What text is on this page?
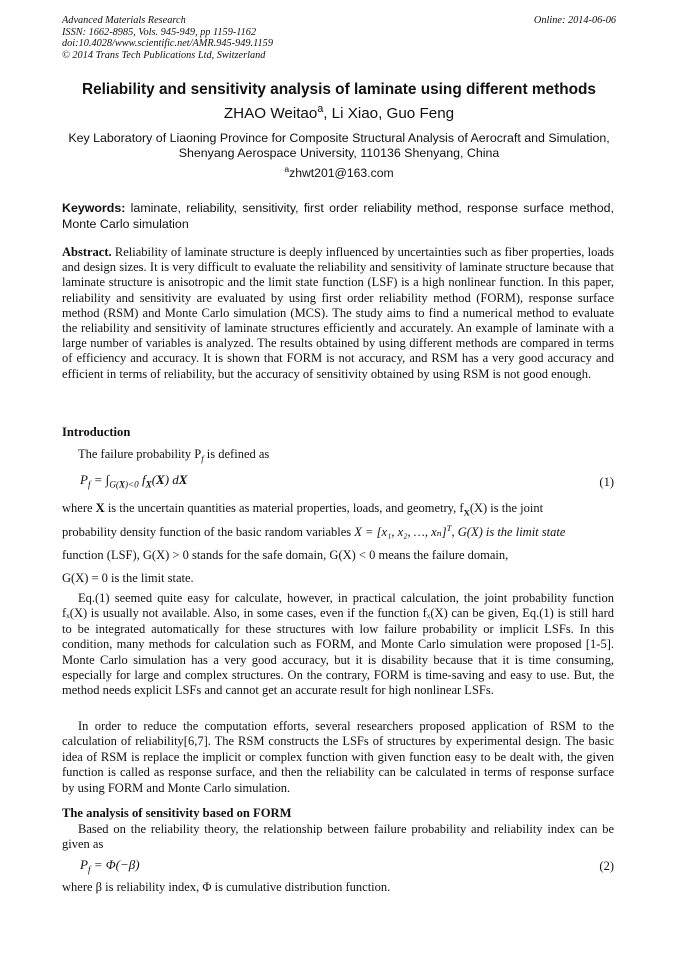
Advanced Materials Research
ISSN: 1662-8985, Vols. 945-949, pp 1159-1162
doi:10.4028/www.scientific.net/AMR.945-949.1159
© 2014 Trans Tech Publications Ltd, Switzerland
Online: 2014-06-06
Reliability and sensitivity analysis of laminate using different methods
ZHAO Weitao$^a$, Li Xiao, Guo Feng
Key Laboratory of Liaoning Province for Composite Structural Analysis of Aerocraft and Simulation,
Shenyang Aerospace University, 110136 Shenyang, China
$^a$zhwt201@163.com
Keywords: laminate, reliability, sensitivity, first order reliability method, response surface method, Monte Carlo simulation
Abstract. Reliability of laminate structure is deeply influenced by uncertainties such as fiber properties, loads and design sizes. It is very difficult to evaluate the reliability and sensitivity of laminate structure because that laminate structure is anisotropic and the limit state function (LSF) is a high nonlinear function. In this paper, reliability and sensitivity are evaluated by using first order reliability method (FORM), response surface method (RSM) and Monte Carlo simulation (MCS). The study aims to find a numerical method to evaluate the reliability and sensitivity of laminate structures efficiently and accurately. An example of laminate with a large number of variables is analyzed. The results obtained by using different methods are compared in terms of efficiency and accuracy. It is shown that FORM is not accuracy, and RSM has a very good accuracy and efficient in terms of reliability, but the accuracy of sensitivity obtained by using RSM is not good enough.
Introduction
The failure probability $P_f$ is defined as
$P_f = \int_{G(X)<0}$ $f_X(X)$ dX	(1)
where X is the uncertain quantities as material properties, loads, and geometry, $f_X(X)$ is the joint
probability density function of the basic random variables X = [x₁, x₂, …, xₙ]$^T$, G(X) is the limit state
function (LSF), G(X) > 0 stands for the safe domain, G(X) < 0 means the failure domain,
G(X) = 0 is the limit state.
Eq.(1) seemed quite easy for calculate, however, in practical calculation, the joint probability function fₓ(X) is usually not available. Also, in some cases, even if the function fₓ(X) can be given, Eq.(1) is still hard to be integrated automatically for these structures with low failure probability or implicit LSFs. In this condition, many methods for calculation such as FORM, and Monte Carlo simulation were proposed [1-5]. Monte Carlo simulation has a very good accuracy, but it is disability because that it is time consuming, especially for large and complex structures. On the contrary, FORM is time-saving and easy to use. But, the method needs explicit LSFs and cannot get an accurate result for high nonlinear LSFs.
In order to reduce the computation efforts, several researchers proposed application of RSM to the calculation of reliability[6,7]. The RSM constructs the LSFs of structures by experimental design. The basic idea of RSM is replace the implicit or complex function with given function easy to be dealt with, the given function is called as response surface, and then the reliability can be calculated in terms of response surface by using FORM and Monte Carlo simulation.
The analysis of sensitivity based on FORM
Based on the reliability theory, the relationship between failure probability and reliability index can be given as
$P_f = \Phi(-\beta)$	(2)
where β is reliability index, Φ is cumulative distribution function.
